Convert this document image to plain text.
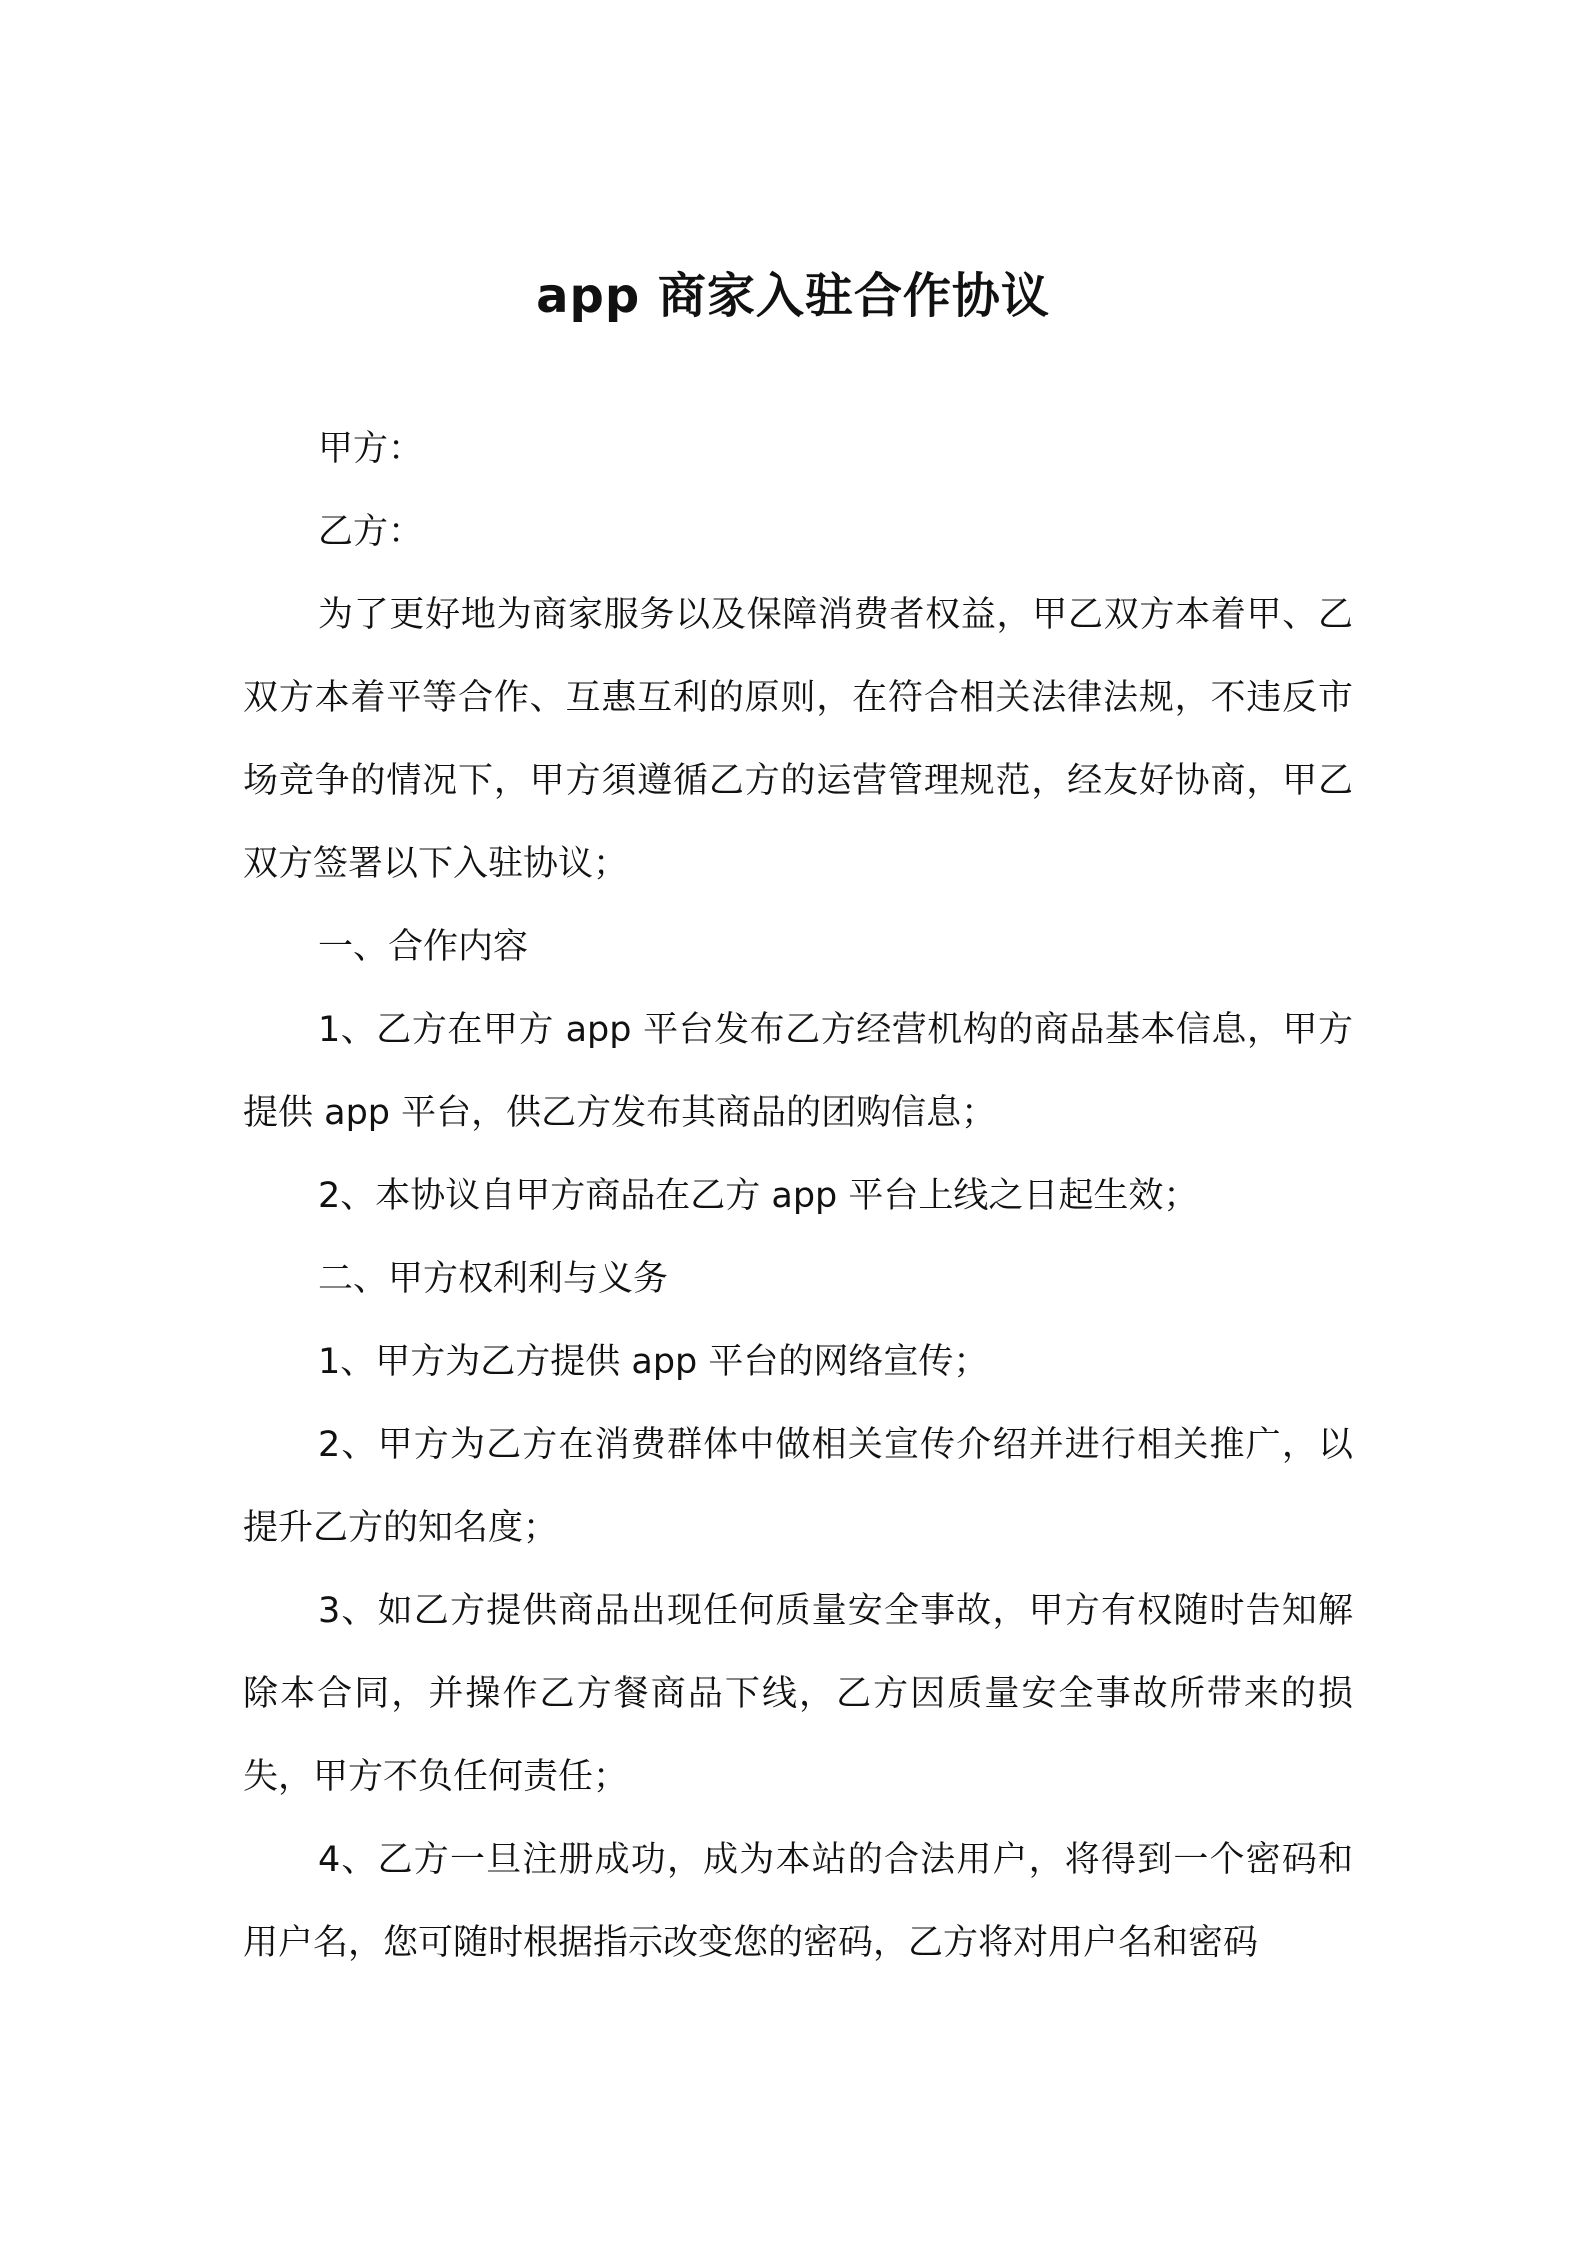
app 商家入驻合作协议

甲方：

乙方：

为了更好地为商家服务以及保障消费者权益，甲乙双方本着甲、乙双方本着平等合作、互惠互利的原则，在符合相关法律法规，不违反市场竞争的情况下，甲方須遵循乙方的运营管理规范，经友好协商，甲乙双方签署以下入驻协议；

一、合作内容

1、乙方在甲方 app 平台发布乙方经营机构的商品基本信息，甲方提供 app 平台，供乙方发布其商品的团购信息；

2、本协议自甲方商品在乙方 app 平台上线之日起生效；

二、甲方权利利与义务

1、甲方为乙方提供 app 平台的网络宣传；

2、甲方为乙方在消费群体中做相关宣传介绍并进行相关推广，以提升乙方的知名度；

3、如乙方提供商品出现任何质量安全事故，甲方有权随时告知解除本合同，并操作乙方餐商品下线，乙方因质量安全事故所带来的损失，甲方不负任何责任；

4、乙方一旦注册成功，成为本站的合法用户，将得到一个密码和用户名，您可随时根据指示改变您的密码，乙方将对用户名和密码
